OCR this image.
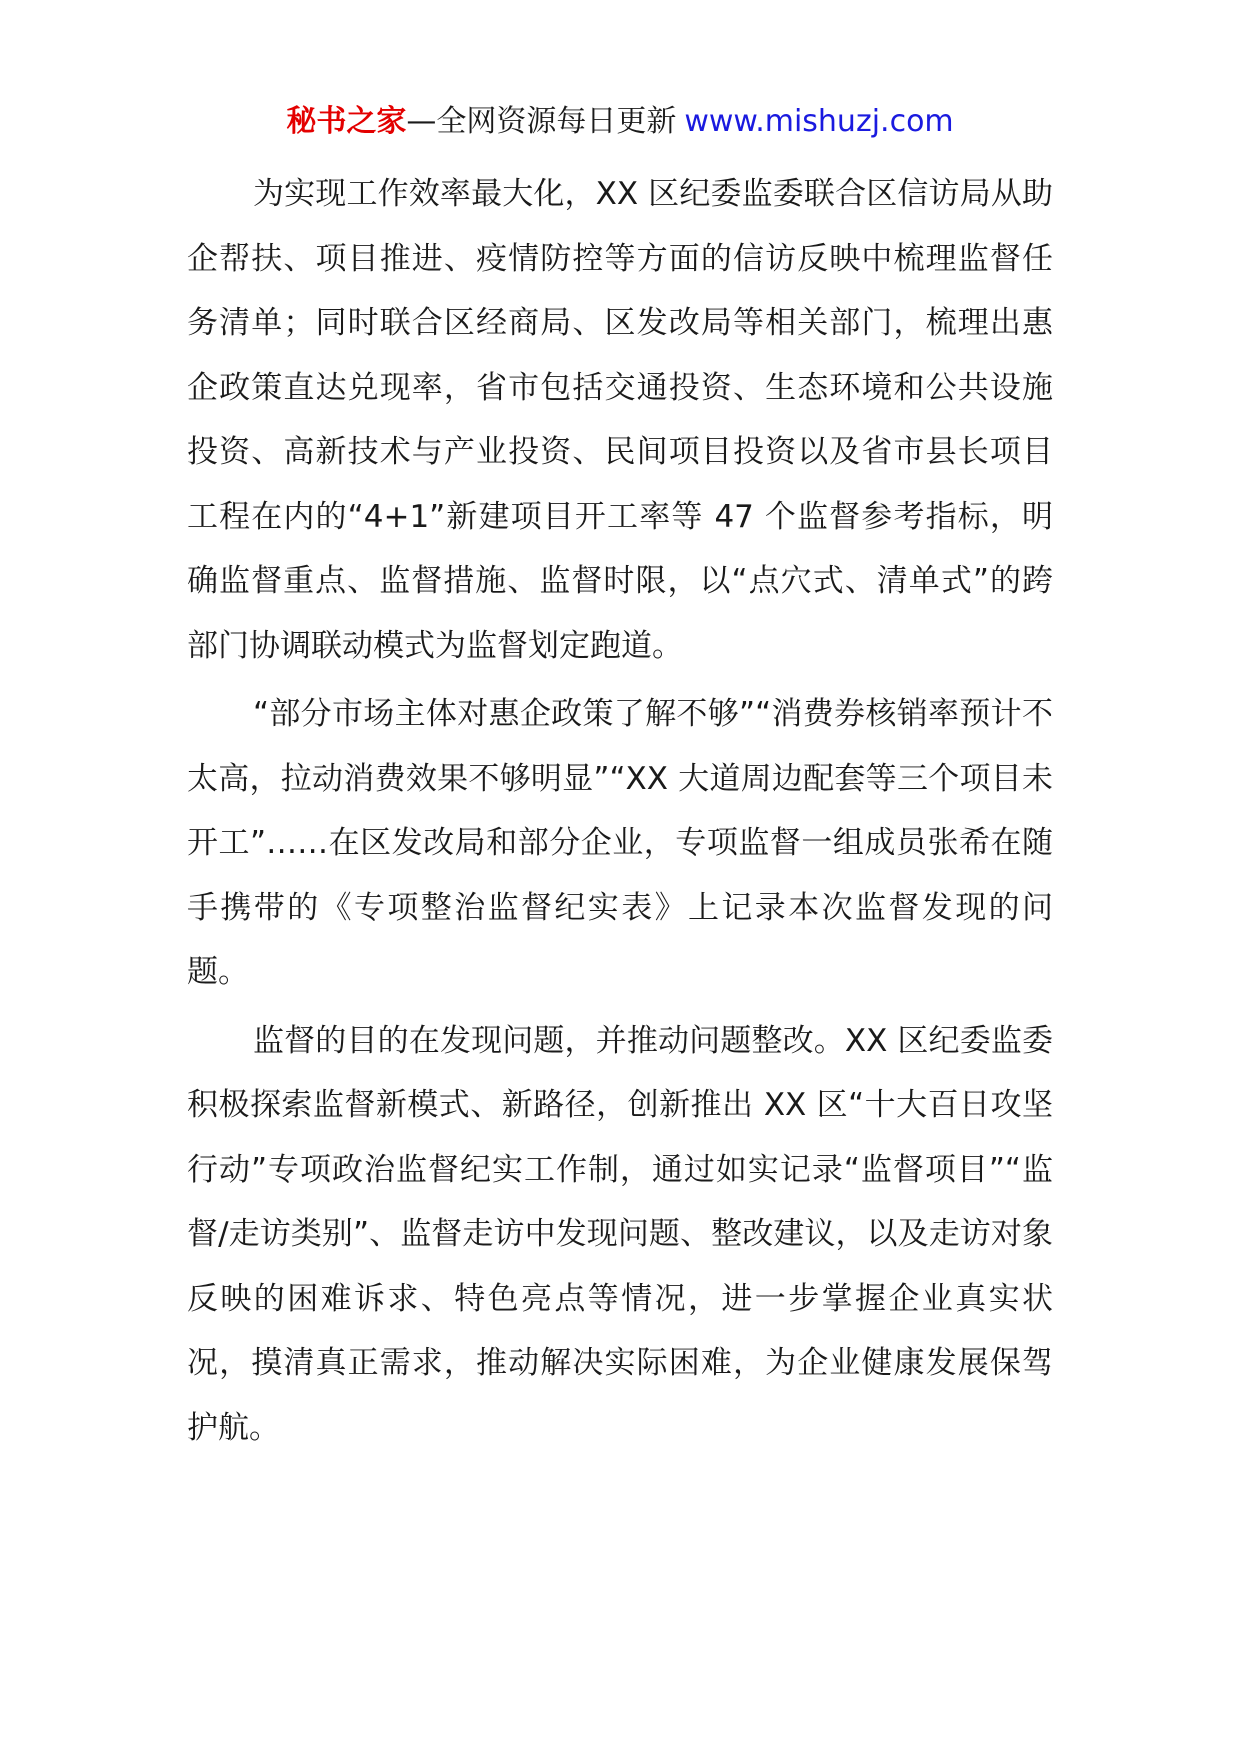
秘书之家—全网资源每日更新 www.mishuzj.com

为实现工作效率最大化，XX 区纪委监委联合区信访局从助企帮扶、项目推进、疫情防控等方面的信访反映中梳理监督任务清单；同时联合区经商局、区发改局等相关部门，梳理出惠企政策直达兑现率，省市包括交通投资、生态环境和公共设施投资、高新技术与产业投资、民间项目投资以及省市县长项目工程在内的“4+1”新建项目开工率等 47 个监督参考指标，明确监督重点、监督措施、监督时限，以“点穴式、清单式”的跨部门协调联动模式为监督划定跑道。

“部分市场主体对惠企政策了解不够”“消费券核销率预计不太高，拉动消费效果不够明显”“XX 大道周边配套等三个项目未开工”……在区发改局和部分企业，专项监督一组成员张希在随手携带的《专项整治监督纪实表》上记录本次监督发现的问题。

监督的目的在发现问题，并推动问题整改。XX 区纪委监委积极探索监督新模式、新路径，创新推出 XX 区“十大百日攻坚行动”专项政治监督纪实工作制，通过如实记录“监督项目”“监督/走访类别”、监督走访中发现问题、整改建议，以及走访对象反映的困难诉求、特色亮点等情况，进一步掌握企业真实状况，摸清真正需求，推动解决实际困难，为企业健康发展保驾护航。
